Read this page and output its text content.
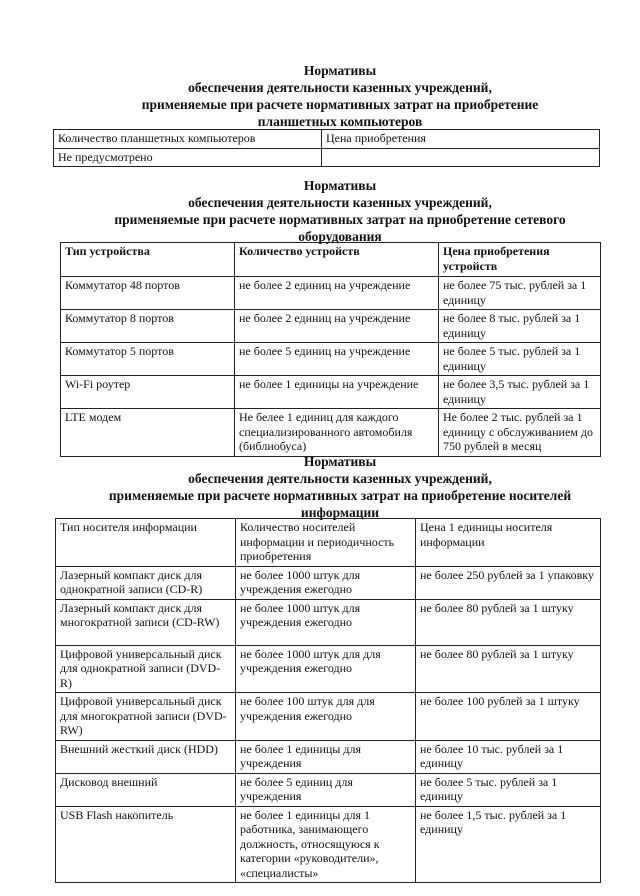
Нормативы
обеспечения деятельности казенных учреждений,
применяемые при расчете нормативных затрат на приобретение
планшетных компьютеров
Количество планшетных компьютеров	Цена приобретения
Не предусмотрено	
Нормативы
обеспечения деятельности казенных учреждений,
применяемые при расчете нормативных затрат на приобретение сетевого
оборудования
Тип устройства	Количество устройств	Цена приобретения устройств
Коммутатор 48 портов	не более 2 единиц на учреждение	не более 75 тыс. рублей за 1 единицу
Коммутатор 8 портов	не более 2 единиц на учреждение	не более 8 тыс. рублей за 1 единицу
Коммутатор 5 портов	не более 5 единиц на учреждение	не более 5 тыс. рублей за 1 единицу
Wi-Fi роутер	не более 1 единицы на учреждение	не более 3,5 тыс. рублей за 1 единицу
LTE модем	Не белее 1 единиц для каждого специализированного автомобиля (библиобуса)	Не более 2 тыс. рублей за 1 единицу с обслуживанием до 750 рублей в месяц
Нормативы
обеспечения деятельности казенных учреждений,
применяемые при расчете нормативных затрат на приобретение носителей
информации
Тип носителя информации	Количество носителей информации и периодичность приобретения	Цена 1 единицы носителя информации
Лазерный компакт диск для однократной записи (CD-R)	не более 1000 штук для учреждения ежегодно	не более 250 рублей за 1 упаковку
Лазерный компакт диск для многократной записи (CD-RW)	не более 1000 штук для учреждения ежегодно	не более 80 рублей за 1 штуку
Цифровой универсальный диск для однократной записи (DVD-R)	не более 1000 штук для для учреждения ежегодно	не более 80 рублей за 1 штуку
Цифровой универсальный диск для многократной записи (DVD- RW)	не более 100 штук для для учреждения ежегодно	не более 100 рублей за 1 штуку
Внешний жесткий диск (HDD)	не более 1 единицы для учреждения	не более 10 тыс. рублей за 1 единицу
Дисковод внешний	не более 5 единиц для учреждения	не более 5 тыс. рублей за 1 единицу
USB Flash накопитель	не более 1 единицы для 1 работника, занимающего должность, относящуюся к категории «руководители», «специалисты»	не более 1,5 тыс. рублей за 1 единицу
